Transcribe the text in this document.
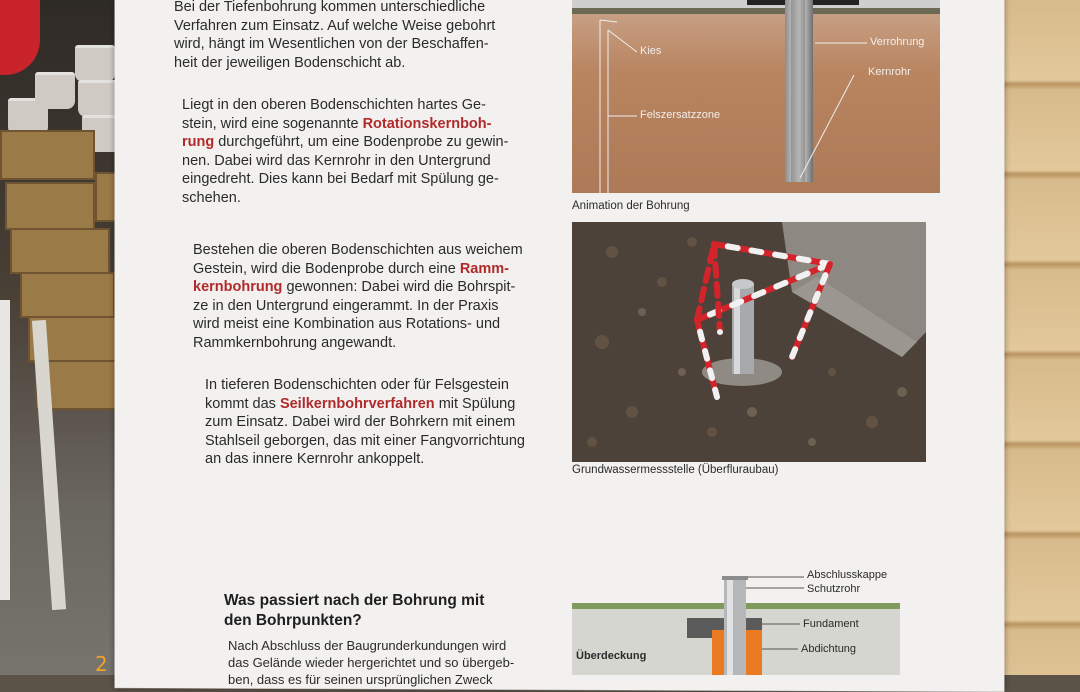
Bei der Tiefenbohrung kommen unterschiedliche
Verfahren zum Einsatz. Auf welche Weise gebohrt
wird, hängt im Wesentlichen von der Beschaffen-
heit der jeweiligen Bodenschicht ab.
Liegt in den oberen Bodenschichten hartes Ge-
stein, wird eine sogenannte Rotationskernboh-
rung durchgeführt, um eine Bodenprobe zu gewin-
nen. Dabei wird das Kernrohr in den Untergrund
eingedreht. Dies kann bei Bedarf mit Spülung ge-
schehen.
Bestehen die oberen Bodenschichten aus weichem
Gestein, wird die Bodenprobe durch eine Ramm-
kernbohrung gewonnen: Dabei wird die Bohrspit-
ze in den Untergrund eingerammt. In der Praxis
wird meist eine Kombination aus Rotations- und
Rammkernbohrung angewandt.
In tieferen Bodenschichten oder für Felsgestein
kommt das Seilkernbohrverfahren mit Spülung
zum Einsatz. Dabei wird der Bohrkern mit einem
Stahlseil geborgen, das mit einer Fangvorrichtung
an das innere Kernrohr ankoppelt.
Was passiert nach der Bohrung mit
den Bohrpunkten?
Nach Abschluss der Baugrunderkundungen wird
das Gelände wieder hergerichtet und so übergeb-
ben, dass es für seinen ursprünglichen Zweck
Kies
Verrohrung
Kernrohr
Felszersatzzone
Animation der Bohrung
Grundwassermessstelle (Überfluraubau)
Abschlusskappe
Schutzrohr
Fundament
Abdichtung
Überdeckung
2
